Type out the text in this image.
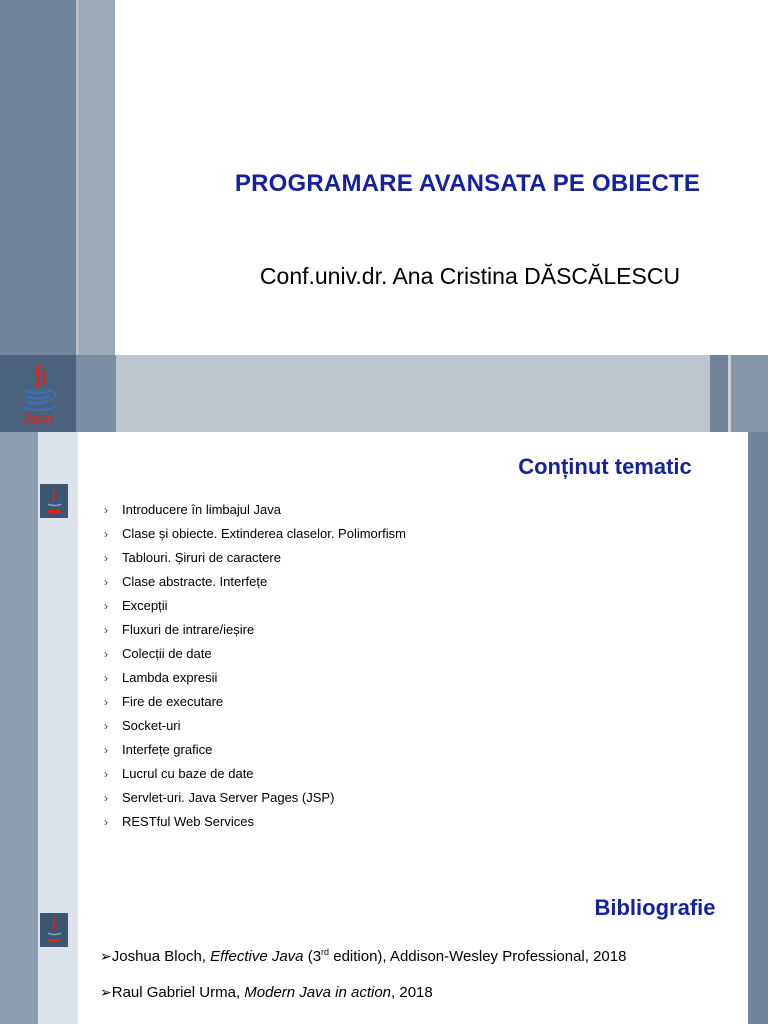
PROGRAMARE AVANSATA PE OBIECTE
Conf.univ.dr. Ana Cristina DĂSCĂLESCU
Java
Conținut tematic
›	Introducere în limbajul Java
›	Clase și obiecte. Extinderea claselor. Polimorfism
›	Tablouri. Șiruri de caractere
›	Clase abstracte. Interfețe
›	Excepții
›	Fluxuri de intrare/ieșire
›	Colecții de date
›	Lambda expresii
›	Fire de executare
›	Socket-uri
›	Interfețe grafice
›	Lucrul cu baze de date
›	Servlet-uri. Java Server Pages (JSP)
›	RESTful Web Services
Bibliografie
➢Joshua Bloch, Effective Java (3rd edition), Addison-Wesley Professional, 2018
➢Raul Gabriel Urma, Modern Java in action, 2018
